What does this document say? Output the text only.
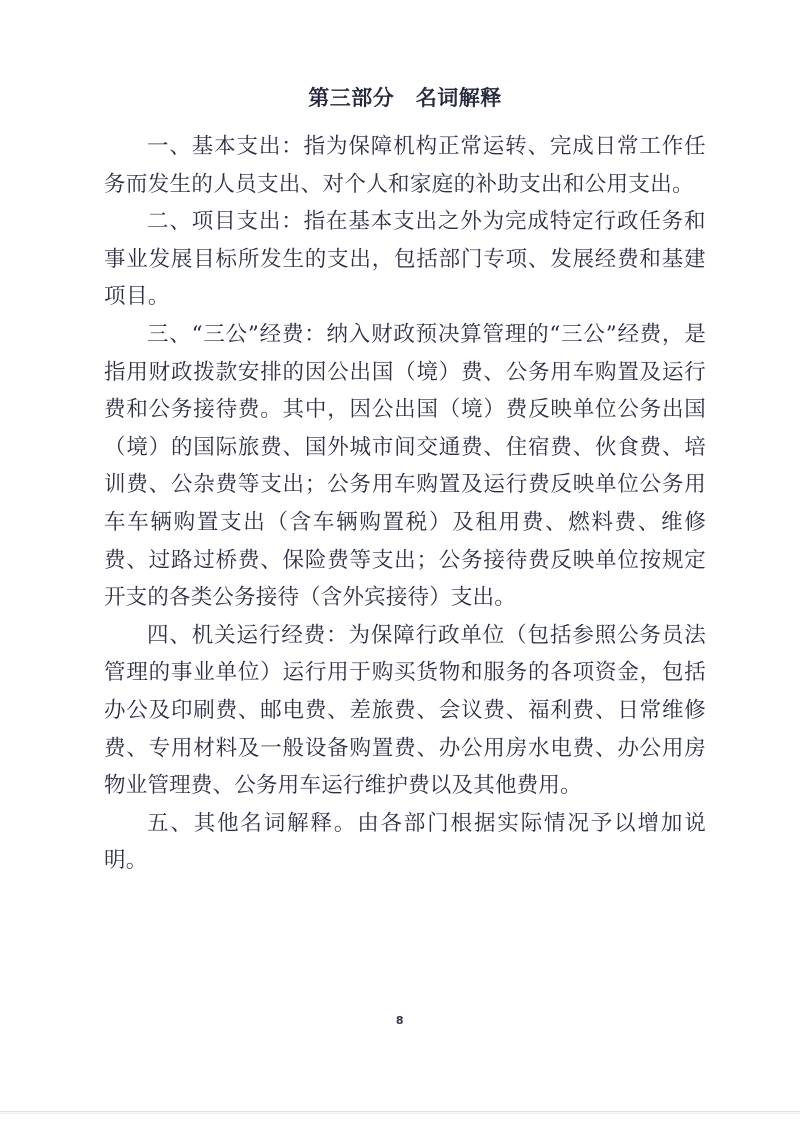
第三部分　名词解释

一、基本支出：指为保障机构正常运转、完成日常工作任务而发生的人员支出、对个人和家庭的补助支出和公用支出。

二、项目支出：指在基本支出之外为完成特定行政任务和事业发展目标所发生的支出，包括部门专项、发展经费和基建项目。

三、“三公”经费：纳入财政预决算管理的“三公”经费，是指用财政拨款安排的因公出国（境）费、公务用车购置及运行费和公务接待费。其中，因公出国（境）费反映单位公务出国（境）的国际旅费、国外城市间交通费、住宿费、伙食费、培训费、公杂费等支出；公务用车购置及运行费反映单位公务用车车辆购置支出（含车辆购置税）及租用费、燃料费、维修费、过路过桥费、保险费等支出；公务接待费反映单位按规定开支的各类公务接待（含外宾接待）支出。

四、机关运行经费：为保障行政单位（包括参照公务员法管理的事业单位）运行用于购买货物和服务的各项资金，包括办公及印刷费、邮电费、差旅费、会议费、福利费、日常维修费、专用材料及一般设备购置费、办公用房水电费、办公用房物业管理费、公务用车运行维护费以及其他费用。

五、其他名词解释。由各部门根据实际情况予以增加说明。

8
